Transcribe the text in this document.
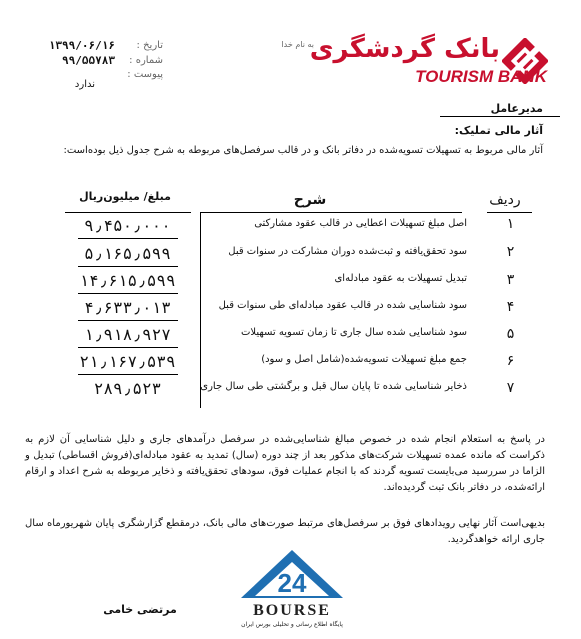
بانک گردشگری
TOURISM BANK
به نام خدا
تاریخ :
شماره :
پیوست :
۱۳۹۹/۰۶/۱۶
۹۹/۵۵۷۸۳
ندارد
مدیرعامل
آثار مالی تملیک:
آثار مالی مربوط به تسهیلات تسویه‌شده در دفاتر بانک و در قالب سرفصل‌های مربوطه به شرح جدول ذیل بوده‌است:
ردیف
شرح
مبلغ/ میلیون‌ریال
۱
اصل مبلغ تسهیلات اعطایی در قالب عقود مشارکتی
۹٫۴۵۰٫۰۰۰
۲
سود تحقق‌یافته و ثبت‌شده دوران مشارکت در سنوات قبل
۵٫۱۶۵٫۵۹۹
۳
تبدیل تسهیلات به عقود مبادله‌ای
۱۴٫۶۱۵٫۵۹۹
۴
سود شناسایی شده در قالب عقود مبادله‌ای طی سنوات قبل
۴٫۶۳۳٫۰۱۳
۵
سود شناسایی شده سال جاری تا زمان تسویه تسهیلات
۱٫۹۱۸٫۹۲۷
۶
جمع مبلغ تسهیلات تسویه‌شده(شامل اصل و سود)
۲۱٫۱۶۷٫۵۳۹
۷
ذخایر شناسایی شده تا پایان سال قبل و برگشتی طی سال جاری
۲۸۹٫۵۲۳
در پاسخ به استعلام انجام شده در خصوص مبالغ شناسایی‌شده در سرفصل درآمدهای جاری و دلیل شناسایی آن لازم به ذکراست که مانده عمده تسهیلات شرکت‌های مذکور بعد از چند دوره (سال) تمدید به عقود مبادله‌ای(فروش اقساطی) تبدیل و الزاما در سررسید می‌بایست تسویه گردند که با انجام عملیات فوق، سودهای تحقق‌یافته و ذخایر مربوطه به شرح اعداد و ارقام ارائه‌شده، در دفاتر بانک ثبت گردیده‌اند.
بدیهی‌است آثار نهایی رویدادهای فوق بر سرفصل‌های مرتبط صورت‌های مالی بانک، درمقطع گزارشگری پایان شهریورماه سال جاری ارائه خواهدگردید.
24
BOURSE
پایگاه اطلاع رسانی و تحلیلی بورس ایران
مرتضی خامی
